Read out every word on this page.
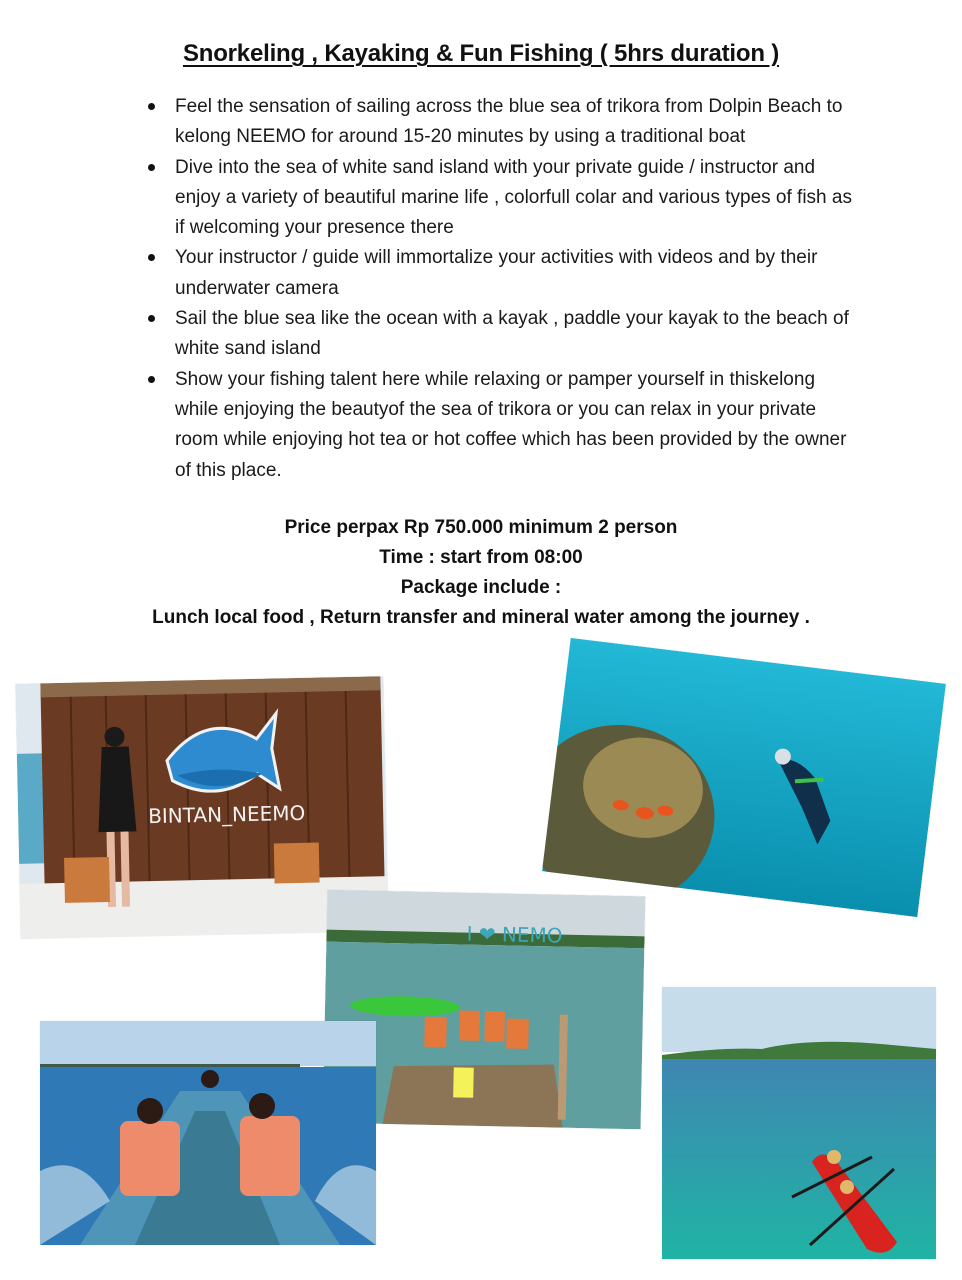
Snorkeling , Kayaking & Fun Fishing ( 5hrs duration )
Feel the sensation of sailing across the blue sea of trikora from Dolpin Beach to kelong NEEMO for around 15-20 minutes by using a traditional boat
Dive into the sea of white sand island with your private guide / instructor and enjoy a variety of beautiful marine life , colorfull colar and various types of fish as if welcoming your presence there
Your instructor / guide will immortalize your activities with videos and by their underwater camera
Sail the blue sea like the ocean with a kayak , paddle your kayak to the beach of white sand island
Show your fishing talent here while relaxing or pamper yourself in thiskelong while enjoying the beautyof the sea of trikora or you can relax in your private room while enjoying hot tea or hot coffee which has been provided by the owner of this place.
Price perpax Rp 750.000 minimum 2 person
Time : start from 08:00
Package include :
Lunch local food , Return transfer and mineral water among the journey .
BINTAN_NEEMO
I ❤ NEMO
